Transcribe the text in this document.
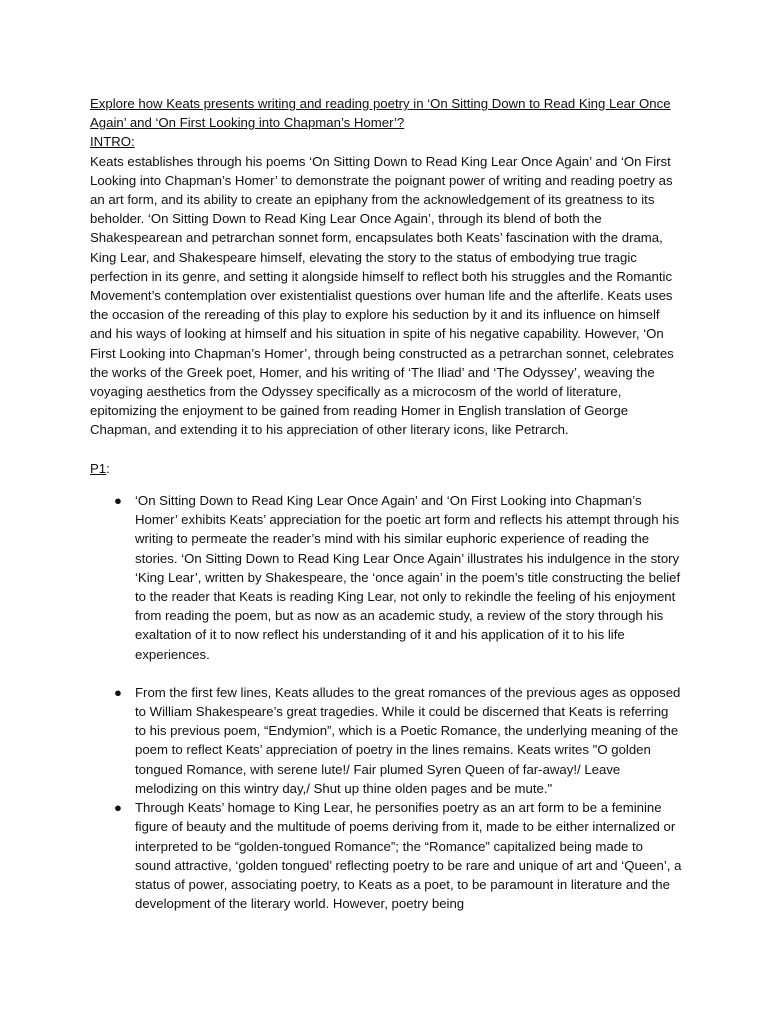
Explore how Keats presents writing and reading poetry in ‘On Sitting Down to Read King Lear Once Again’ and ‘On First Looking into Chapman’s Homer’?

INTRO:

Keats establishes through his poems ‘On Sitting Down to Read King Lear Once Again’ and ‘On First Looking into Chapman’s Homer’ to demonstrate the poignant power of writing and reading poetry as an art form, and its ability to create an epiphany from the acknowledgement of its greatness to its beholder. ‘On Sitting Down to Read King Lear Once Again’, through its blend of both the Shakespearean and petrarchan sonnet form, encapsulates both Keats’ fascination with the drama, King Lear, and Shakespeare himself, elevating the story to the status of embodying true tragic perfection in its genre, and setting it alongside himself to reflect both his struggles and the Romantic Movement’s contemplation over existentialist questions over human life and the afterlife. Keats uses the occasion of the rereading of this play to explore his seduction by it and its influence on himself and his ways of looking at himself and his situation in spite of his negative capability. However, ‘On First Looking into Chapman’s Homer’, through being constructed as a petrarchan sonnet, celebrates the works of the Greek poet, Homer, and his writing of ‘The Iliad’ and ‘The Odyssey’, weaving the voyaging aesthetics from the Odyssey specifically as a microcosm of the world of literature, epitomizing the enjoyment to be gained from reading Homer in English translation of George Chapman, and extending it to his appreciation of other literary icons, like Petrarch.

P1:

● ‘On Sitting Down to Read King Lear Once Again’ and ‘On First Looking into Chapman’s Homer’ exhibits Keats’ appreciation for the poetic art form and reflects his attempt through his writing to permeate the reader’s mind with his similar euphoric experience of reading the stories. ‘On Sitting Down to Read King Lear Once Again’ illustrates his indulgence in the story ‘King Lear’, written by Shakespeare, the ‘once again’ in the poem’s title constructing the belief to the reader that Keats is reading King Lear, not only to rekindle the feeling of his enjoyment from reading the poem, but as now as an academic study, a review of the story through his exaltation of it to now reflect his understanding of it and his application of it to his life experiences.
● From the first few lines, Keats alludes to the great romances of the previous ages as opposed to William Shakespeare’s great tragedies. While it could be discerned that Keats is referring to his previous poem, “Endymion”, which is a Poetic Romance, the underlying meaning of the poem to reflect Keats’ appreciation of poetry in the lines remains. Keats writes "O golden tongued Romance, with serene lute!/ Fair plumed Syren Queen of far-away!/ Leave melodizing on this wintry day,/ Shut up thine olden pages and be mute."
● Through Keats’ homage to King Lear, he personifies poetry as an art form to be a feminine figure of beauty and the multitude of poems deriving from it, made to be either internalized or interpreted to be “golden-tongued Romance”; the “Romance” capitalized being made to sound attractive, ‘golden tongued’ reflecting poetry to be rare and unique of art and ‘Queen’, a status of power, associating poetry, to Keats as a poet, to be paramount in literature and the development of the literary world. However, poetry being
